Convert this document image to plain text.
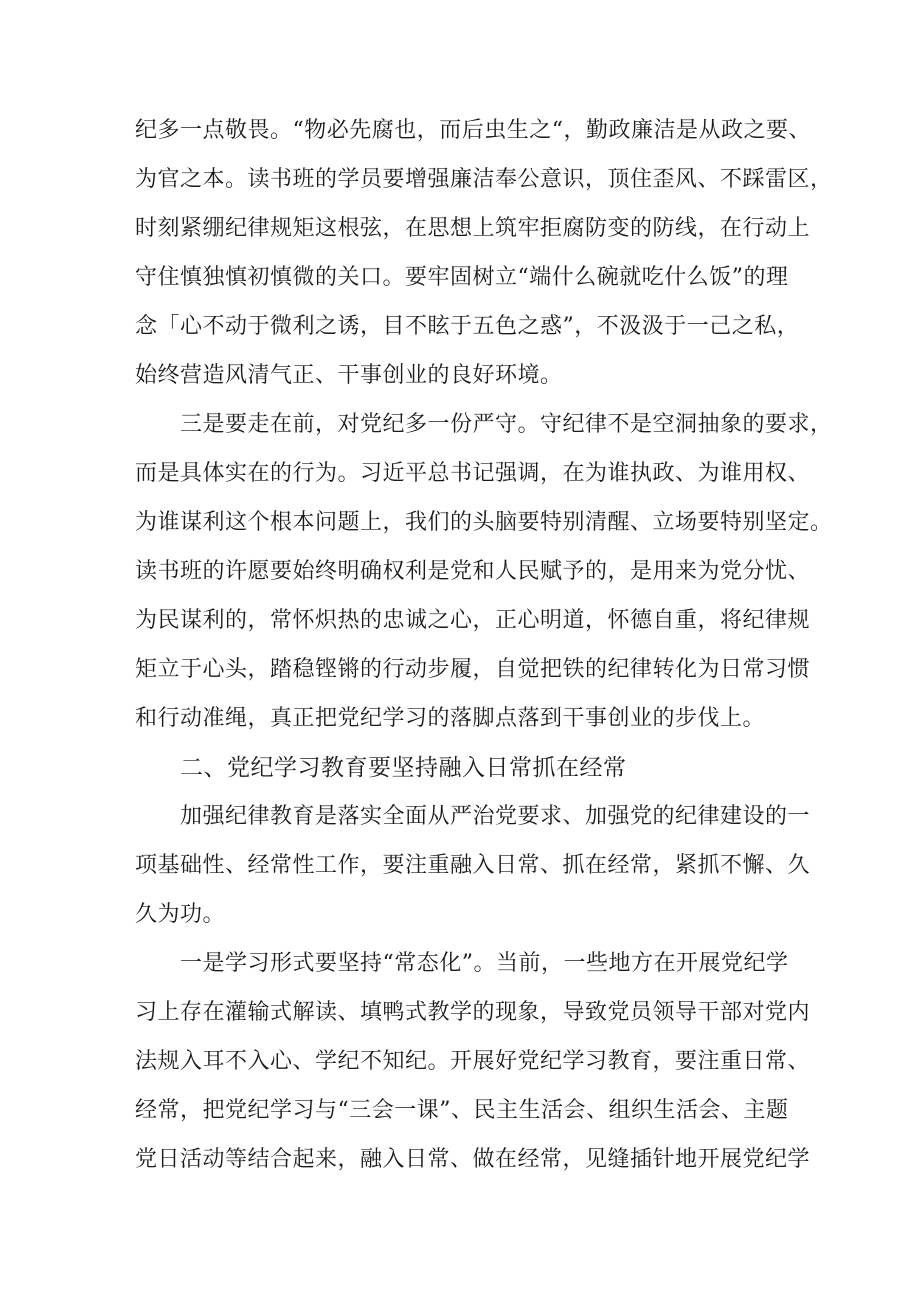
纪多一点敬畏。“物必先腐也，而后虫生之“，勤政廉洁是从政之要、
为官之本。读书班的学员要增强廉洁奉公意识，顶住歪风、不踩雷区，
时刻紧绷纪律规矩这根弦，在思想上筑牢拒腐防变的防线，在行动上
守住慎独慎初慎微的关口。要牢固树立“端什么碗就吃什么饭”的理
念「心不动于微利之诱，目不眩于五色之惑”，不汲汲于一己之私，
始终营造风清气正、干事创业的良好环境。
三是要走在前，对党纪多一份严守。守纪律不是空洞抽象的要求，
而是具体实在的行为。习近平总书记强调，在为谁执政、为谁用权、
为谁谋利这个根本问题上，我们的头脑要特别清醒、立场要特别坚定。
读书班的许愿要始终明确权利是党和人民赋予的，是用来为党分忧、
为民谋利的，常怀炽热的忠诚之心，正心明道，怀德自重，将纪律规
矩立于心头，踏稳铿锵的行动步履，自觉把铁的纪律转化为日常习惯
和行动准绳，真正把党纪学习的落脚点落到干事创业的步伐上。
二、党纪学习教育要坚持融入日常抓在经常
加强纪律教育是落实全面从严治党要求、加强党的纪律建设的一
项基础性、经常性工作，要注重融入日常、抓在经常，紧抓不懈、久
久为功。
一是学习形式要坚持“常态化”。当前，一些地方在开展党纪学
习上存在灌输式解读、填鸭式教学的现象，导致党员领导干部对党内
法规入耳不入心、学纪不知纪。开展好党纪学习教育，要注重日常、
经常，把党纪学习与“三会一课”、民主生活会、组织生活会、主题
党日活动等结合起来，融入日常、做在经常，见缝插针地开展党纪学
